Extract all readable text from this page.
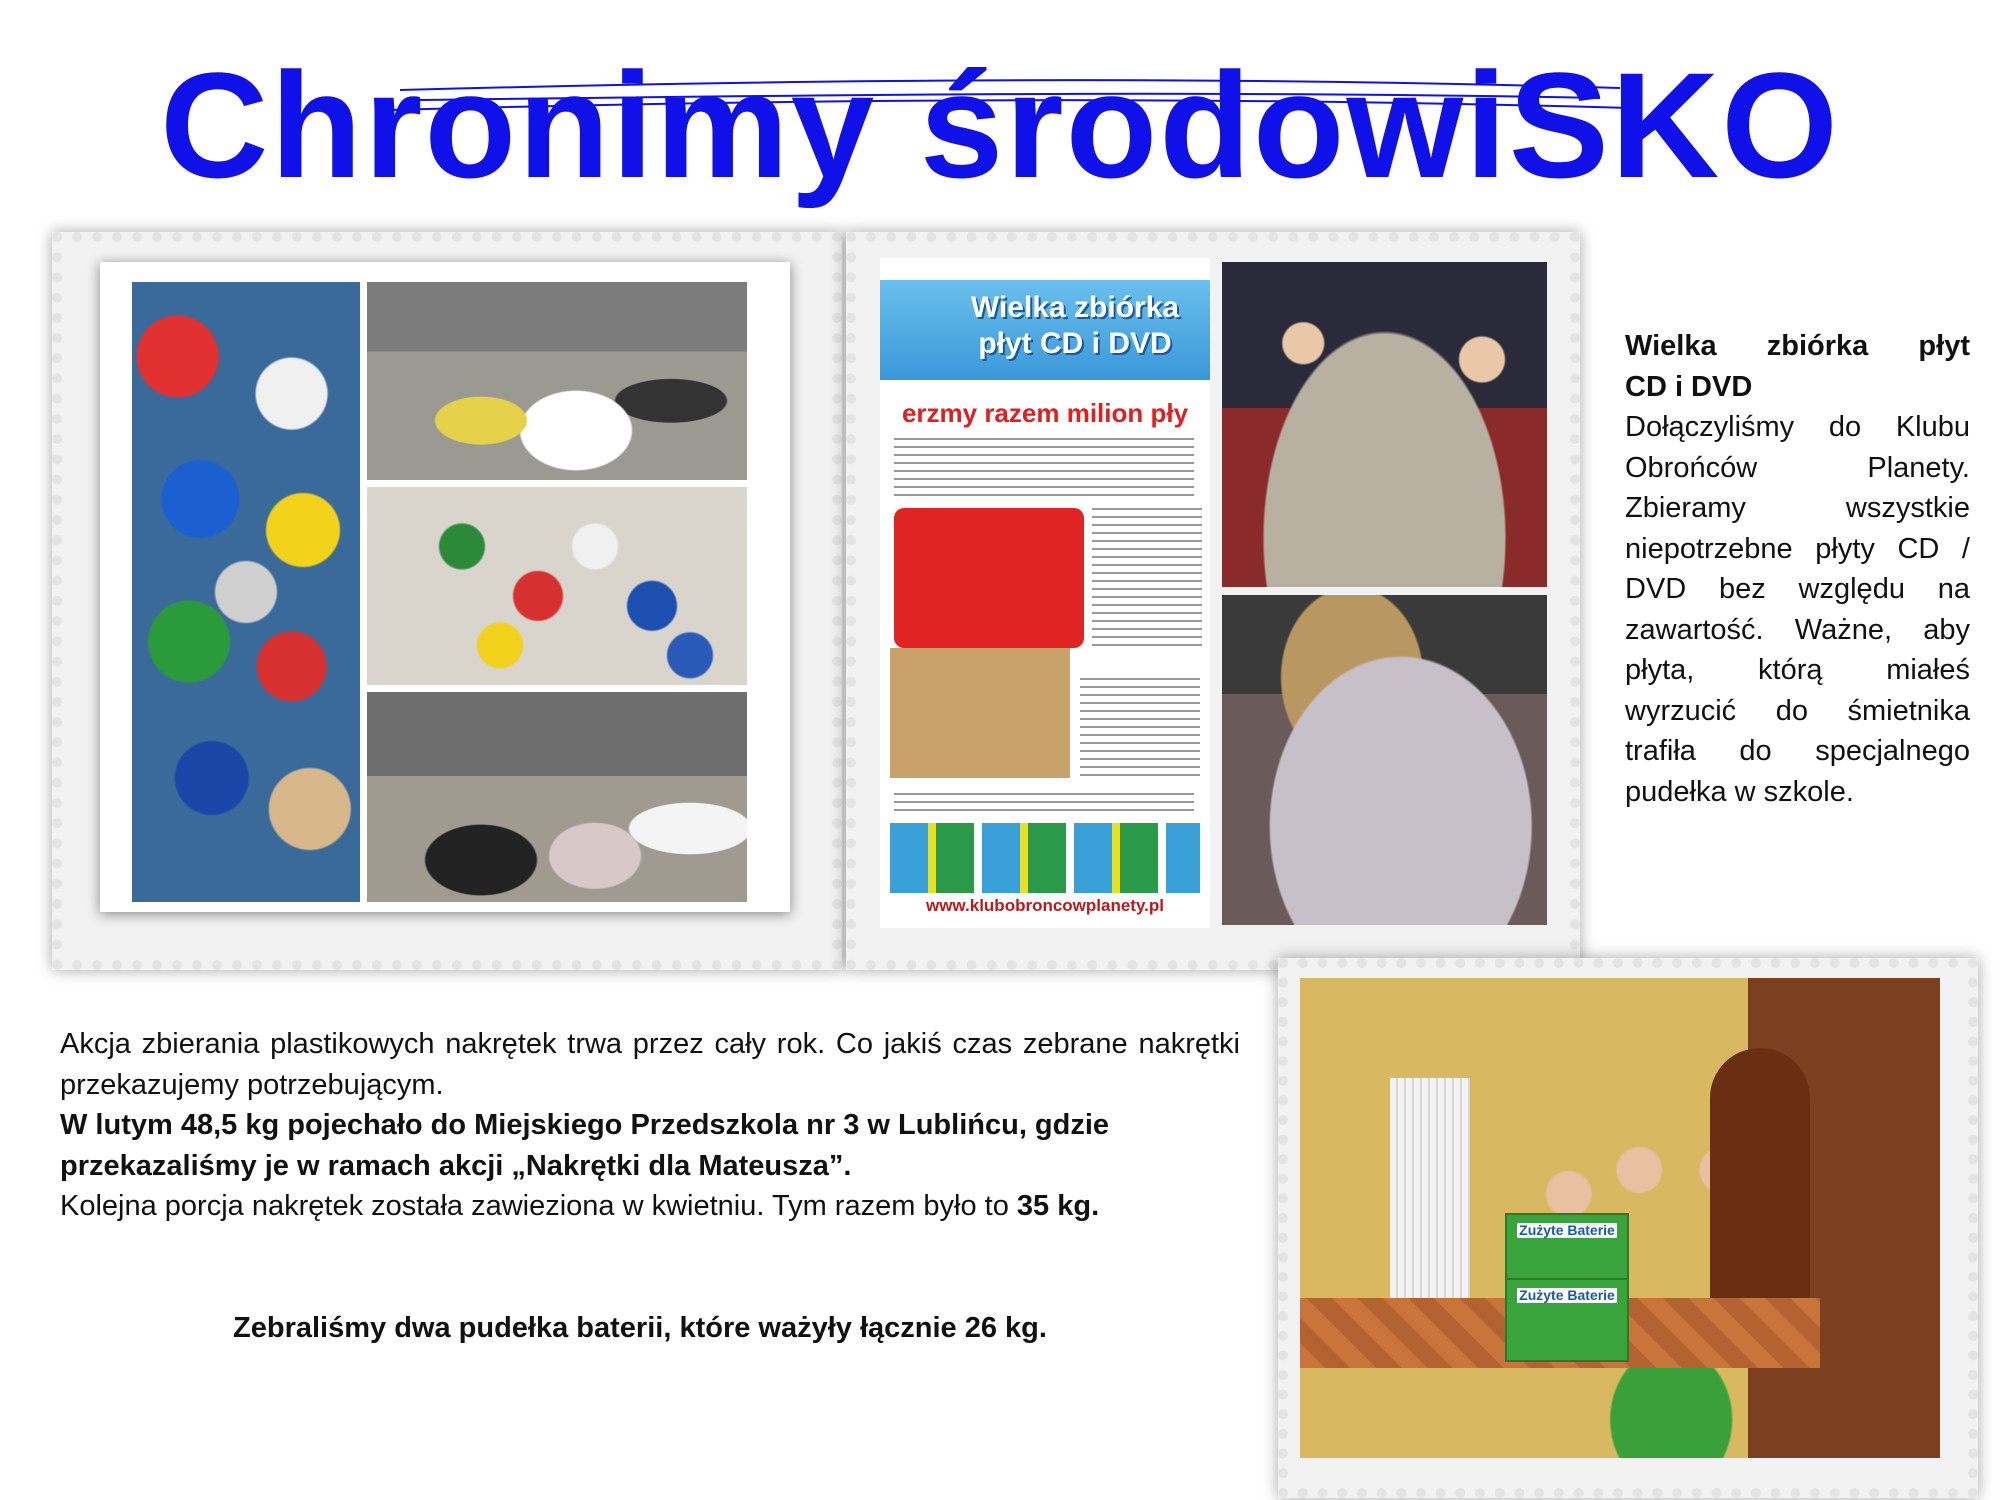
Chronimy środowiSKO
Wielka zbiórka
płyt CD i DVD
erzmy razem milion pły
www.klubobroncowplanety.pl
Wielka zbiórka płyt
CD i DVD
Dołączyliśmy do Klubu Obrońców Planety. Zbieramy wszystkie niepotrzebne płyty CD / DVD bez względu na zawartość. Ważne, aby płyta, którą miałeś wyrzucić do śmietnika trafiła do specjalnego pudełka w szkole.
Akcja zbierania plastikowych nakrętek trwa przez cały rok. Co jakiś czas zebrane nakrętki przekazujemy potrzebującym.
W lutym 48,5 kg pojechało do Miejskiego Przedszkola nr 3 w Lublińcu, gdzie przekazaliśmy je w ramach akcji „Nakrętki dla Mateusza”.
Kolejna porcja nakrętek została zawieziona w kwietniu. Tym razem było to 35 kg.
Zebraliśmy dwa pudełka baterii, które ważyły łącznie 26 kg.
Zużyte Baterie
Zużyte Baterie
